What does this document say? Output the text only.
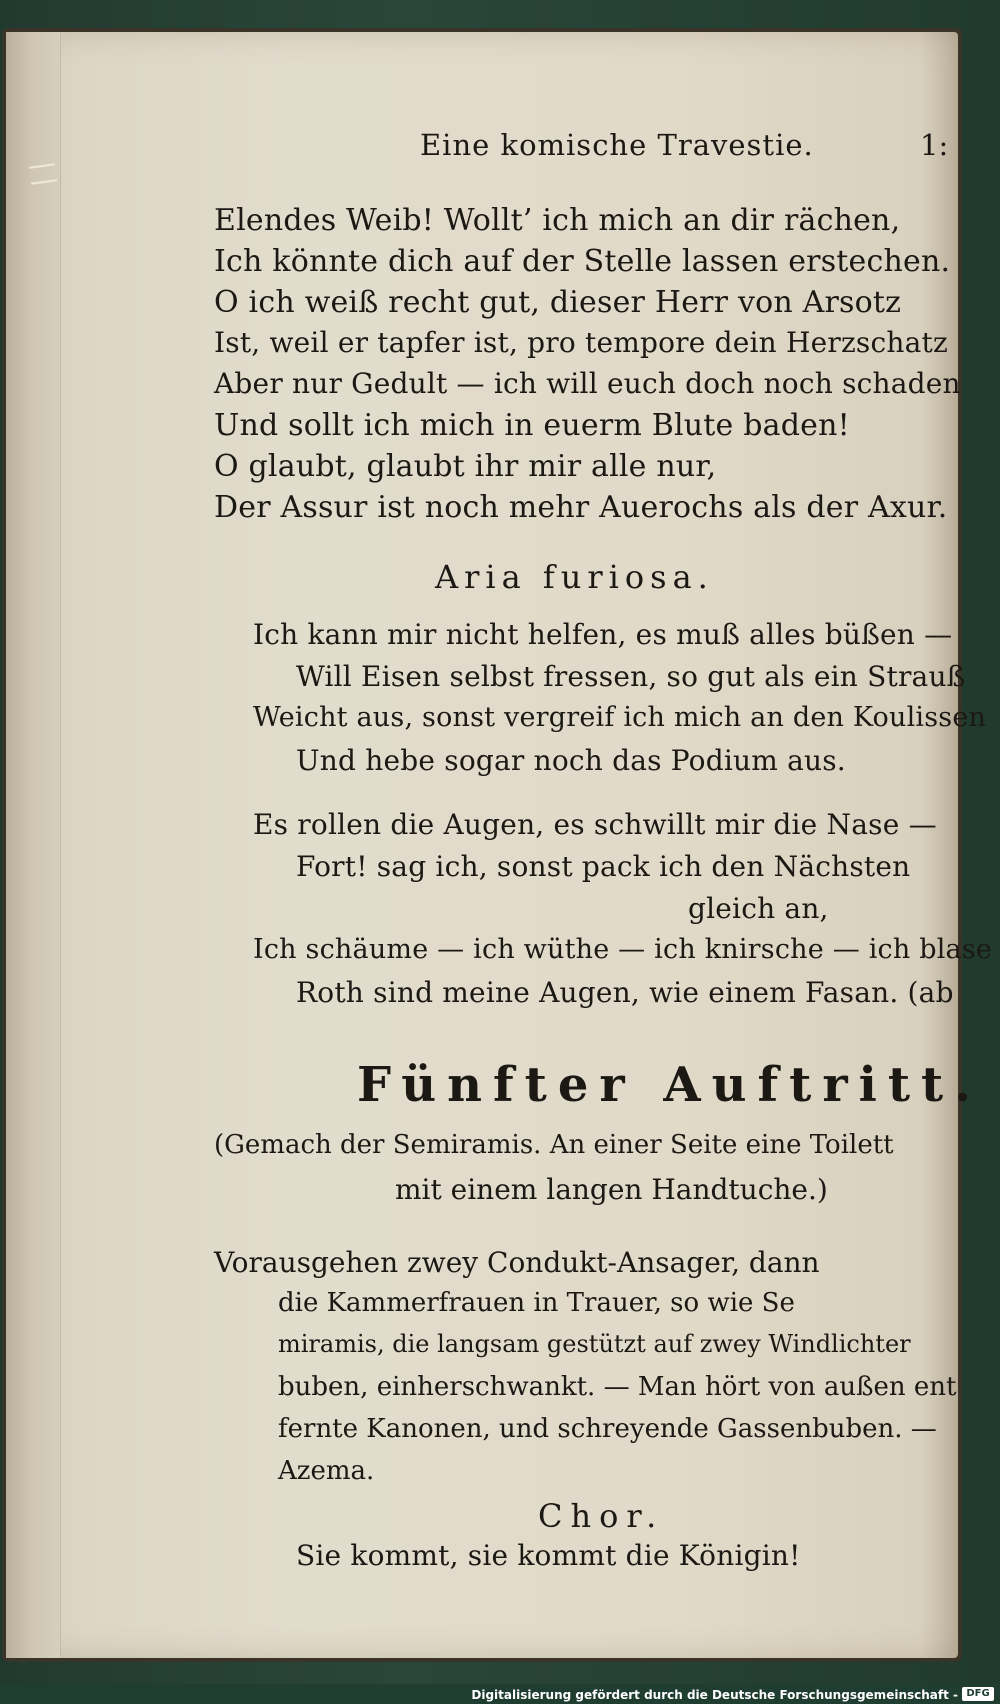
Eine komische Travestie.	1:
Elendes Weib! Wollt’ ich mich an dir rächen,
Ich könnte dich auf der Stelle lassen erstechen.
O ich weiß recht gut, dieser Herr von Arsotz
Ist, weil er tapfer ist, pro tempore dein Herzschatz
Aber nur Gedult — ich will euch doch noch schaden
Und sollt ich mich in euerm Blute baden!
O glaubt, glaubt ihr mir alle nur,
Der Assur ist noch mehr Auerochs als der Axur.
Aria furiosa.
Ich kann mir nicht helfen, es muß alles büßen —
Will Eisen selbst fressen, so gut als ein Strauß
Weicht aus, sonst vergreif ich mich an den Koulissen
Und hebe sogar noch das Podium aus.
Es rollen die Augen, es schwillt mir die Nase —
Fort! sag ich, sonst pack ich den Nächsten
gleich an,
Ich schäume — ich wüthe — ich knirsche — ich blase
Roth sind meine Augen, wie einem Fasan. (ab
Fünfter Auftritt.
(Gemach der Semiramis. An einer Seite eine Toilett
mit einem langen Handtuche.)
Vorausgehen zwey Condukt-Ansager, dann
die Kammerfrauen in Trauer, so wie Se
miramis, die langsam gestützt auf zwey Windlichter
buben, einherschwankt. — Man hört von außen ent
fernte Kanonen, und schreyende Gassenbuben. —
Azema.
Chor.
Sie kommt, sie kommt die Königin!
Digitalisierung gefördert durch die Deutsche Forschungsgemeinschaft - DFG
